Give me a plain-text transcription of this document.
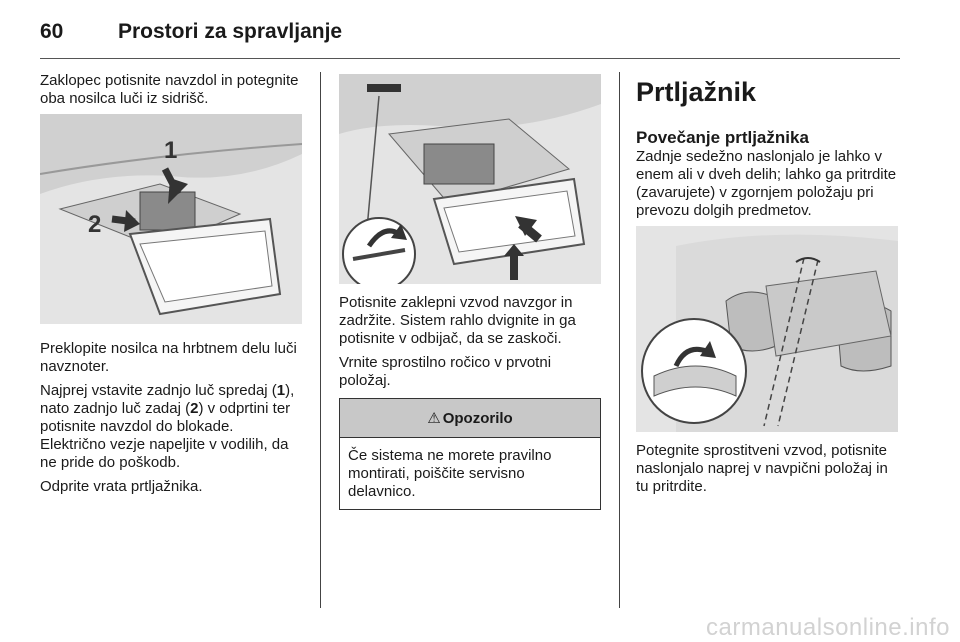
60	Prostori za spravljanje

Zaklopec potisnite navzdol in potegnite oba nosilca luči iz sidrišč.

1
2

Preklopite nosilca na hrbtnem delu luči navznoter.

Najprej vstavite zadnjo luč spredaj (1), nato zadnjo luč zadaj (2) v odprtini ter potisnite navzdol do blokade. Električno vezje napeljite v vodilih, da ne pride do poškodb.

Odprite vrata prtljažnika.

Potisnite zaklepni vzvod navzgor in zadržite. Sistem rahlo dvignite in ga potisnite v odbijač, da se zaskoči.

Vrnite sprostilno ročico v prvotni položaj.

⚠ Opozorilo
Če sistema ne morete pravilno montirati, poiščite servisno delavnico.
Prtljažnik
Povečanje prtljažnika

Zadnje sedežno naslonjalo je lahko v enem ali v dveh delih; lahko ga pritrdite (zavarujete) v zgornjem položaju pri prevozu dolgih predmetov.

Potegnite sprostitveni vzvod, potisnite naslonjalo naprej v navpični položaj in tu pritrdite.

carmanualsonline.info
